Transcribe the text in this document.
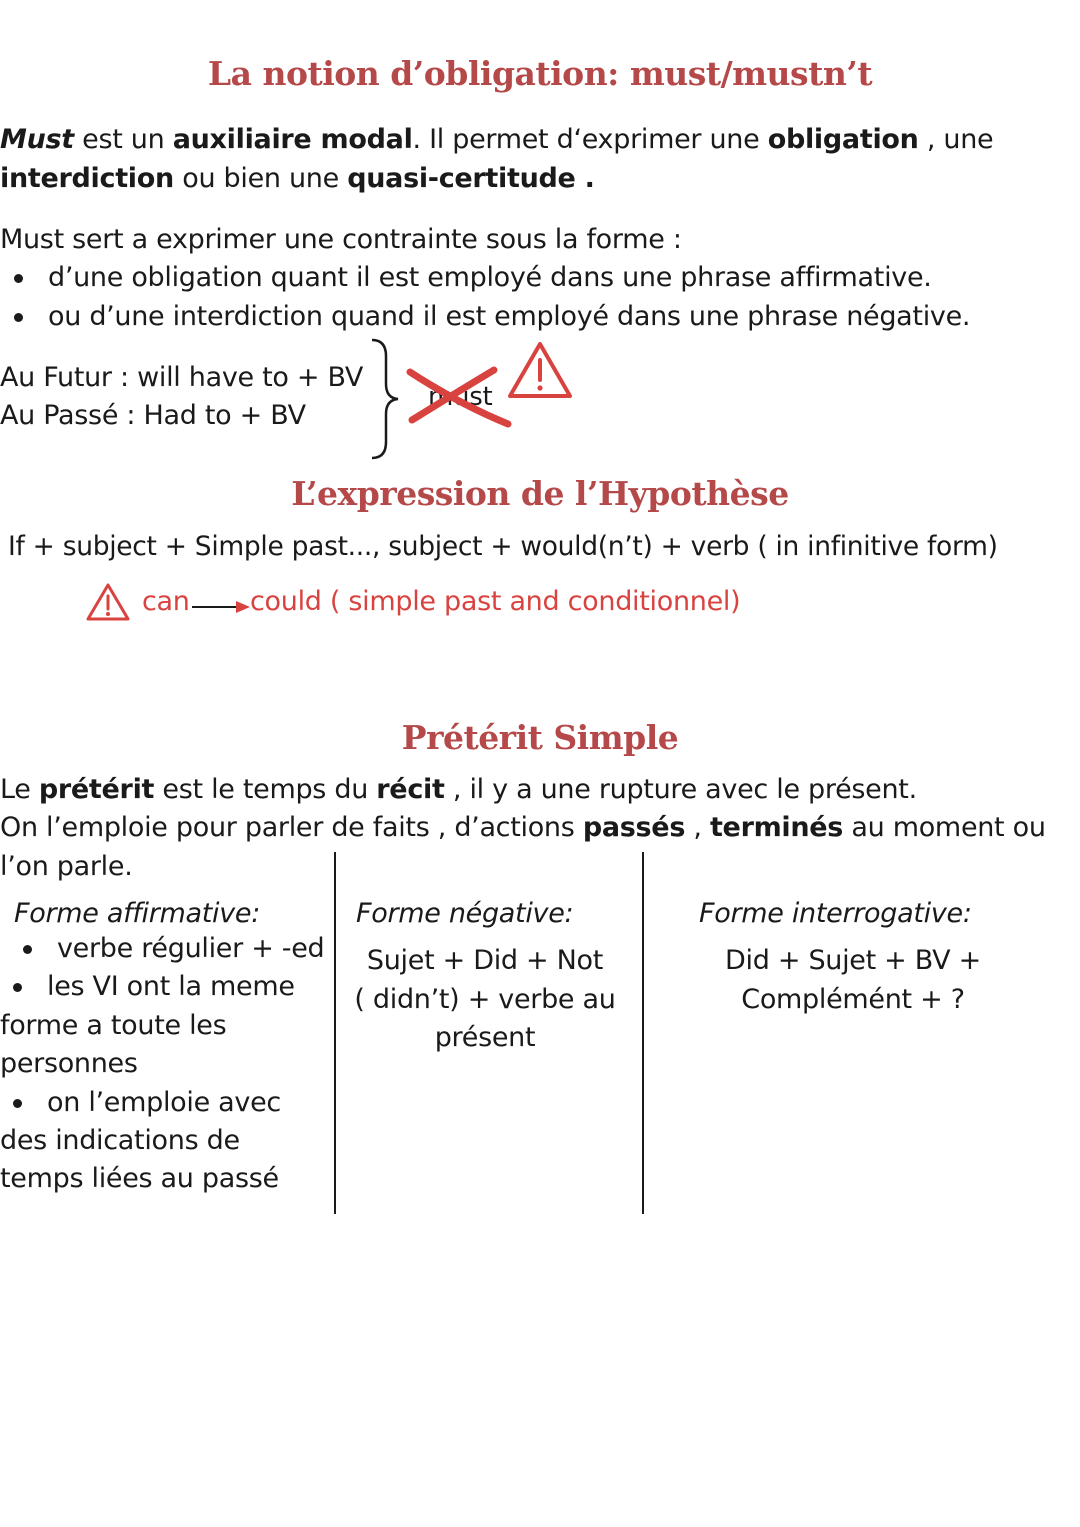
La notion d’obligation: must/mustn’t
Must est un auxiliaire modal. Il permet d‘exprimer une obligation , une
interdiction ou bien une quasi-certitude .
Must sert a exprimer une contrainte sous la forme :
d’une obligation quant il est employé dans une phrase affirmative.
ou d’une interdiction quand il est employé dans une phrase négative.
Au Futur : will have to + BV
Au Passé : Had to + BV
must
L’expression de l’Hypothèse
If + subject + Simple past..., subject + would(n’t) + verb ( in infinitive form)
can could ( simple past and conditionnel)
Prétérit Simple
Le prétérit est le temps du récit , il y a une rupture avec le présent.
On l’emploie pour parler de faits , d’actions passés , terminés au moment ou
l’on parle.
Forme affirmative:
verbe régulier + -ed
les VI ont la meme
forme a toute les
personnes
on l’emploie avec
des indications de
temps liées au passé
Forme négative:
Sujet + Did + Not
( didn’t) + verbe au
présent
Forme interrogative:
Did + Sujet + BV +
Complémént + ?
